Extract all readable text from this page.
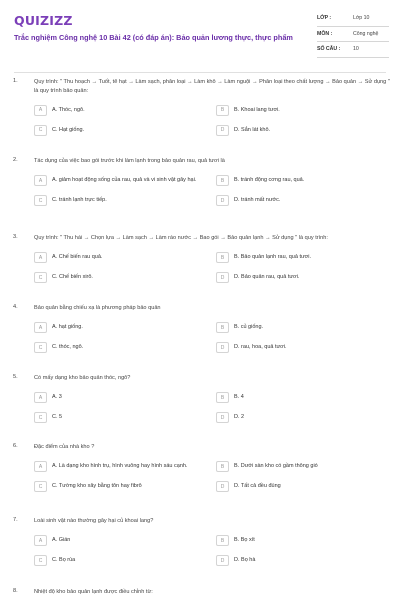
QUIZIZZ
Trắc nghiệm Công nghệ 10 Bài 42 (có đáp án): Bảo quản lương thực, thực phẩm
LỚP :	Lớp 10
MÔN :	Công nghệ
SỐ CÂU :	10
1.	Quy trình: " Thu hoạch → Tuốt, tẽ hạt → Làm sạch, phân loại → Làm khô → Làm nguội → Phân loại theo chất lượng → Bảo quản → Sử dụng " là quy trình bảo quản:
A	A. Thóc, ngô.	B	B. Khoai lang tươi.
C	C. Hạt giống.	D	D. Sắn lát khô.
2.	Tác dụng của việc bao gói trước khi làm lạnh trong bảo quản rau, quả tươi là
A	A. giảm hoạt động sống của rau, quả và vi sinh vật gây hại.	B	B. tránh động cơng rau, quả.
C	C. tránh lạnh trực tiếp.	D	D. tránh mất nước.
3.	Quy trình: " Thu hái → Chọn lựa → Làm sạch → Làm ráo nước → Bao gói → Bảo quản lạnh → Sử dụng " là quy trình:
A	A. Chế biến rau quả.	B	B. Bảo quản lạnh rau, quả tươi.
C	C. Chế biến xirô.	D	D. Bảo quản rau, quả tươi.
4.	Bảo quản bằng chiếu xạ là phương pháp bảo quản
A	A. hạt giống.	B	B. củ giống.
C	C. thóc, ngô.	D	D. rau, hoa, quả tươi.
5.	Có mấy dạng kho bảo quản thóc, ngô?
A	A. 3	B	B. 4
C	C. 5	D	D. 2
6.	Đặc điểm của nhà kho ?
A	A. Là dạng kho hình trụ, hình vuông hay hình sáu cạnh.	B	B. Dưới sàn kho có gầm thông gió
C	C. Tường kho xây bằng tôn hay fibrô	D	D. Tất cả đều đúng
7.	Loài sinh vật nào thường gây hại củ khoai lang?
A	A. Gián	B	B. Bọ xít
C	C. Bọ rùa	D	D. Bọ hà
8.	Nhiệt độ kho bảo quản lạnh được điều chỉnh từ:
